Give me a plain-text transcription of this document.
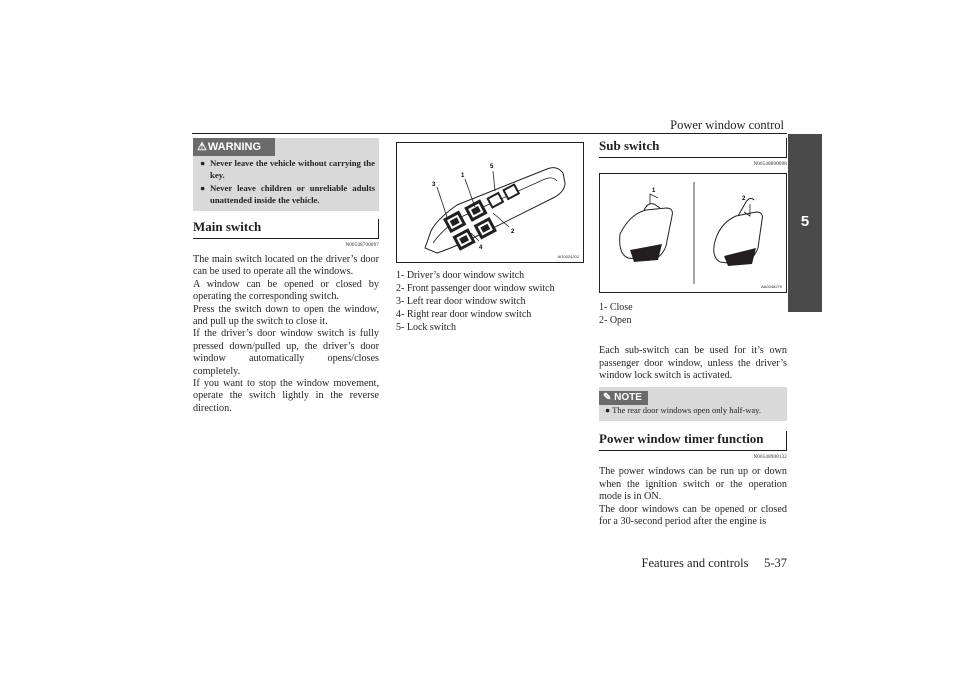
Power window control
5
⚠WARNING
● Never leave the vehicle without carrying the key.
● Never leave children or unreliable adults unattended inside the vehicle.
Main switch
N00548700097

The main switch located on the driver’s door can be used to operate all the windows.

A window can be opened or closed by operating the corresponding switch.

Press the switch down to open the window, and pull up the switch to close it.

If the driver’s door window switch is fully pressed down/pulled up, the driver’s door window automatically opens/closes completely.

If you want to stop the window movement, operate the switch lightly in the reverse direction.

3
1
5
2
4
AG0024202
1- Driver’s door window switch
2- Front passenger door window switch
3- Left rear door window switch
4- Right rear door window switch
5- Lock switch
Sub switch
N00548800098
1
2
AA0048279
1- Close
2- Open

Each sub-switch can be used for it’s own passenger door window, unless the driver’s window lock switch is activated.

✎ NOTE
● The rear door windows open only half-way.
Power window timer function
N00548900132

The power windows can be run up or down when the ignition switch or the operation mode is in ON.

The door windows can be opened or closed for a 30-second period after the engine is

Features and controls     5-37
